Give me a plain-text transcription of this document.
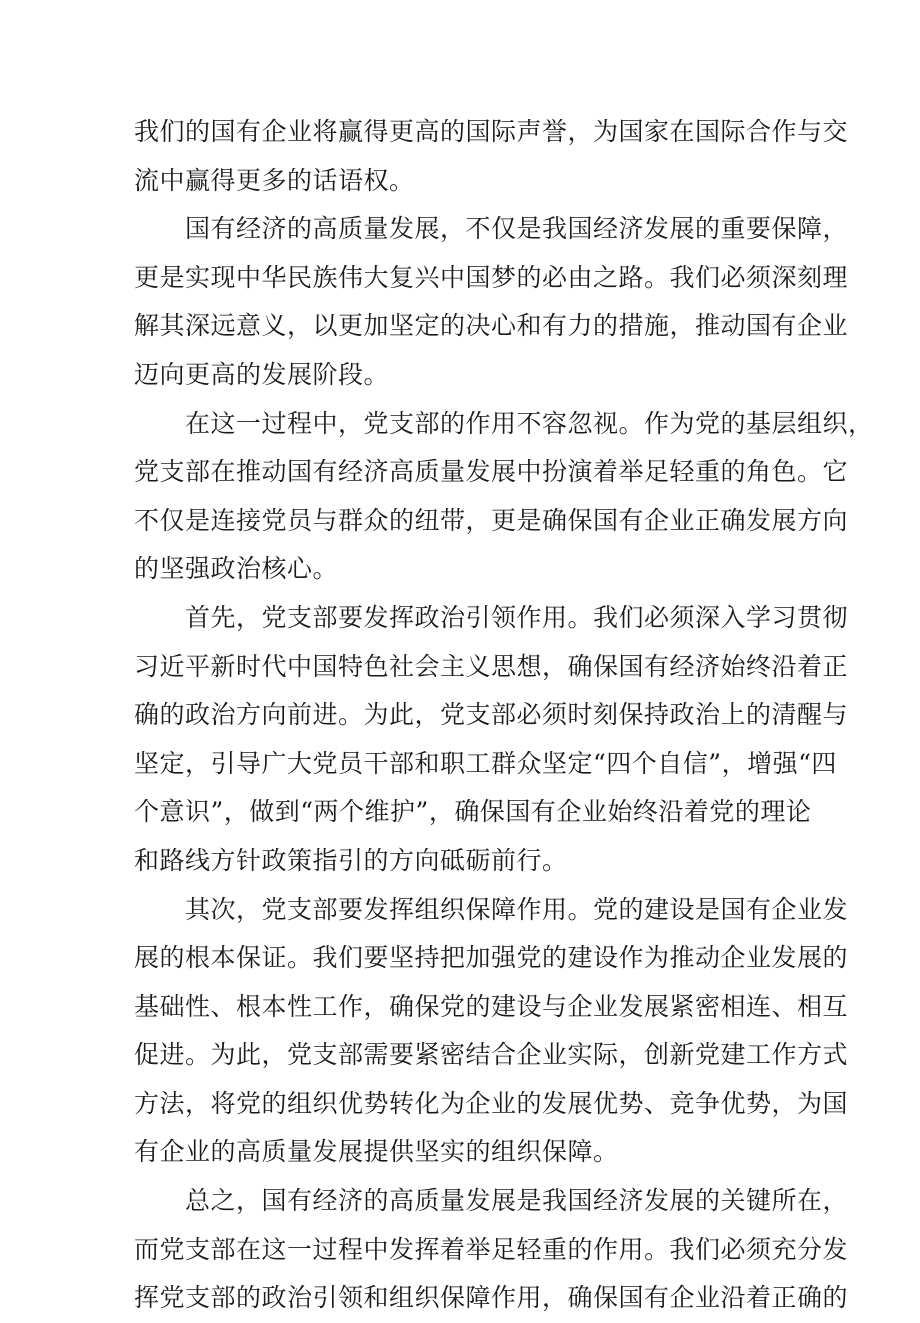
我们的国有企业将赢得更高的国际声誉，为国家在国际合作与交
流中赢得更多的话语权。
　　国有经济的高质量发展，不仅是我国经济发展的重要保障，
更是实现中华民族伟大复兴中国梦的必由之路。我们必须深刻理
解其深远意义，以更加坚定的决心和有力的措施，推动国有企业
迈向更高的发展阶段。
　　在这一过程中，党支部的作用不容忽视。作为党的基层组织，
党支部在推动国有经济高质量发展中扮演着举足轻重的角色。它
不仅是连接党员与群众的纽带，更是确保国有企业正确发展方向
的坚强政治核心。
　　首先，党支部要发挥政治引领作用。我们必须深入学习贯彻
习近平新时代中国特色社会主义思想，确保国有经济始终沿着正
确的政治方向前进。为此，党支部必须时刻保持政治上的清醒与
坚定，引导广大党员干部和职工群众坚定“四个自信”，增强“四
个意识”，做到“两个维护”，确保国有企业始终沿着党的理论
和路线方针政策指引的方向砥砺前行。
　　其次，党支部要发挥组织保障作用。党的建设是国有企业发
展的根本保证。我们要坚持把加强党的建设作为推动企业发展的
基础性、根本性工作，确保党的建设与企业发展紧密相连、相互
促进。为此，党支部需要紧密结合企业实际，创新党建工作方式
方法，将党的组织优势转化为企业的发展优势、竞争优势，为国
有企业的高质量发展提供坚实的组织保障。
　　总之，国有经济的高质量发展是我国经济发展的关键所在，
而党支部在这一过程中发挥着举足轻重的作用。我们必须充分发
挥党支部的政治引领和组织保障作用，确保国有企业沿着正确的
